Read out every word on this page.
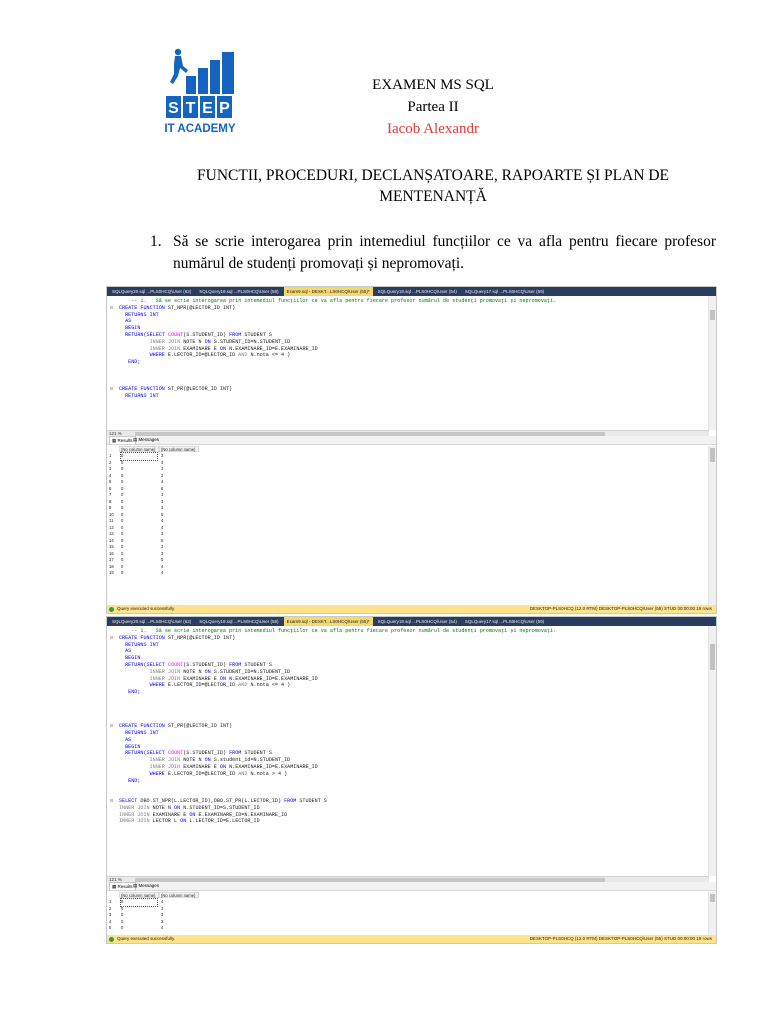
S T E P
IT ACADEMY
EXAMEN MS SQL
Partea II
Iacob Alexandr
FUNCTII, PROCEDURI, DECLANȘATOARE, RAPOARTE ȘI PLAN DE MENTENANȚĂ
1. Să se scrie interogarea prin intemediul funcțiilor ce va afla pentru fiecare profesor numărul de studenți promovați și nepromovați.
SQLQuery20.sql ...PLS0HCQ\User (62)	SQLQuery19.sql ...PLS0HCQ\User (58)	Exam9.sql - DESKT...LS0HCQ\User (55)*	SQLQuery18.sql ...PLS0HCQ\User (54)	SQLQuery17.sql ...PLS0HCQ\User (59)
-- 1.   Să se scrie interogarea prin intemediul funcțiilor ce va afla pentru fiecare profesor numărul de studenți promovați și nepromovați.
CREATE FUNCTION ST_NPR(@LECTOR_ID INT)
RETURNS INT
AS
BEGIN
RETURN(SELECT COUNT(S.STUDENT_ID) FROM STUDENT S
INNER JOIN NOTE N ON S.STUDENT_ID=N.STUDENT_ID
INNER JOIN EXAMINARE E ON N.EXAMINARE_ID=E.EXAMINARE_ID
WHERE E.LECTOR_ID=@LECTOR_ID AND N.nota <= 4 )
END;
CREATE FUNCTION ST_PR(@LECTOR_ID INT)
RETURNS INT
⊟
⊟
121 %
▦ Results ▤ Messages
(No column name)	(No column name)
1 0	3
2 0	3
3 0	3
4 0	2
5 0	4
6 0	6
7 0	3
8 0	3
9 0	3
10 0	5
11 0	4
12 0	4
13 0	3
14 0	5
15 0	2
16 0	3
17 0	5
18 0	4
19 0	4
Query executed successfully.	DESKTOP-PLS0HCQ (12.0 RTM) DESKTOP-PLS0HCQ\User (55) STUD 00:00:00 19 rows
SQLQuery20.sql ...PLS0HCQ\User (62)	SQLQuery19.sql ...PLS0HCQ\User (58)	Exam9.sql - DESKT...LS0HCQ\User (55)*	SQLQuery18.sql ...PLS0HCQ\User (54)	SQLQuery17.sql ...PLS0HCQ\User (59)
-- 1.   Să se scrie interogarea prin intemediul funcțiilor ce va afla pentru fiecare profesor numărul de studenți promovați și nepromovați.
CREATE FUNCTION ST_NPR(@LECTOR_ID INT)
RETURNS INT
AS
BEGIN
RETURN(SELECT COUNT(S.STUDENT_ID) FROM STUDENT S
INNER JOIN NOTE N ON S.STUDENT_ID=N.STUDENT_ID
INNER JOIN EXAMINARE E ON N.EXAMINARE_ID=E.EXAMINARE_ID
WHERE E.LECTOR_ID=@LECTOR_ID AND N.nota <= 4 )
END;
CREATE FUNCTION ST_PR(@LECTOR_ID INT)
RETURNS INT
AS
BEGIN
RETURN(SELECT COUNT(S.STUDENT_ID) FROM STUDENT S
INNER JOIN NOTE N ON S.student_id=N.STUDENT_ID
INNER JOIN EXAMINARE E ON N.EXAMINARE_ID=E.EXAMINARE_ID
WHERE E.LECTOR_ID=@LECTOR_ID AND N.nota > 4 )
END;
SELECT DBO.ST_NPR(L.LECTOR_ID),DBO.ST_PR(L.LECTOR_ID) FROM STUDENT S
INNER JOIN NOTE N ON N.STUDENT_ID=S.STUDENT_ID
INNER JOIN EXAMINARE E ON E.EXAMINARE_ID=N.EXAMINARE_ID
INNER JOIN LECTOR L ON L.LECTOR_ID=E.LECTOR_ID
⊟
⊟
⊟
121 %
▦ Results ▤ Messages
(No column name)	(No column name)
1 0	4
2 0	3
3 0	3
4 0	3
5 0	4
Query executed successfully.	DESKTOP-PLS0HCQ (12.0 RTM) DESKTOP-PLS0HCQ\User (55) STUD 00:00:00 19 rows
